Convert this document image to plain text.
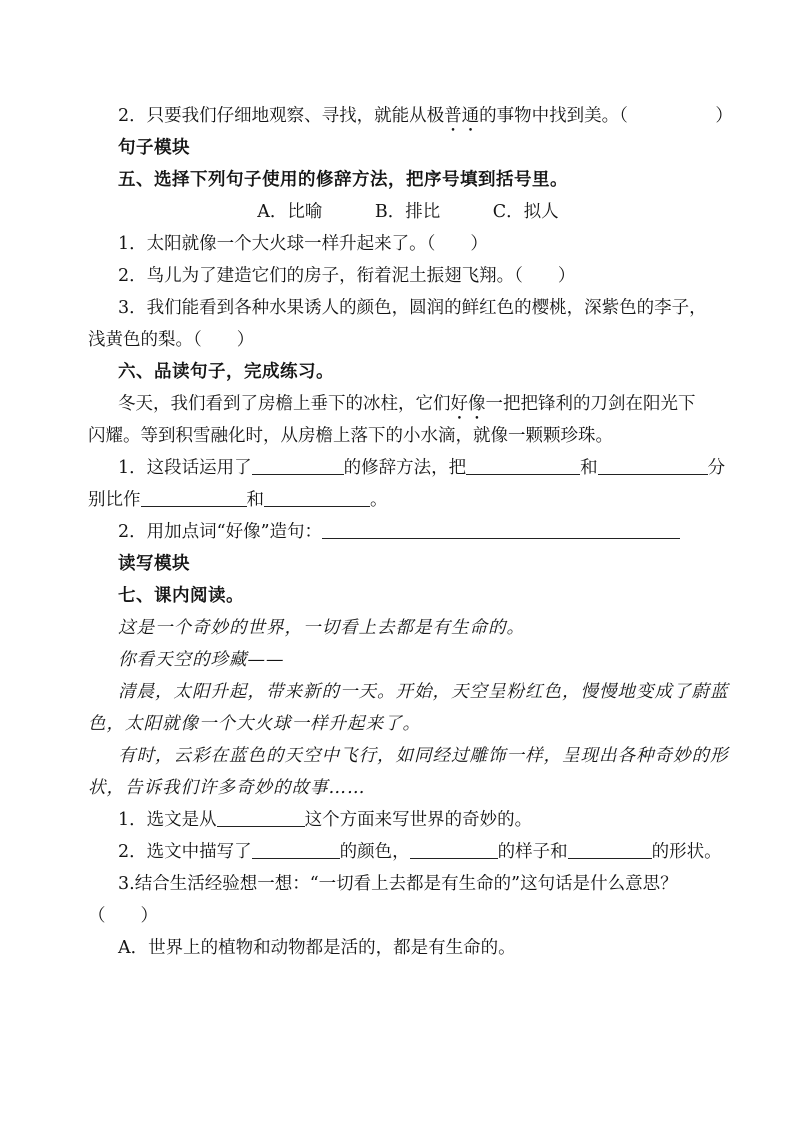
2．只要我们仔细地观察、寻找，就能从极普通的事物中找到美。（　　　　　）
句子模块
五、选择下列句子使用的修辞方法，把序号填到括号里。
A．比喻　　　B．排比　　　C．拟人
1．太阳就像一个大火球一样升起来了。（　　）
2．鸟儿为了建造它们的房子，衔着泥土振翅飞翔。（　　）
3．我们能看到各种水果诱人的颜色，圆润的鲜红色的樱桃，深紫色的李子，
浅黄色的梨。（　　）
六、品读句子，完成练习。
冬天，我们看到了房檐上垂下的冰柱，它们好像一把把锋利的刀剑在阳光下
闪耀。等到积雪融化时，从房檐上落下的小水滴，就像一颗颗珍珠。
1．这段话运用了	的修辞方法，把	和	分
别比作	和	。
2．用加点词“好像”造句：
读写模块
七、课内阅读。
这是一个奇妙的世界，一切看上去都是有生命的。
你看天空的珍藏——
清晨，太阳升起，带来新的一天。开始，天空呈粉红色，慢慢地变成了蔚蓝
色，太阳就像一个大火球一样升起来了。
有时，云彩在蓝色的天空中飞行，如同经过雕饰一样，呈现出各种奇妙的形
状，告诉我们许多奇妙的故事……
1．选文是从	这个方面来写世界的奇妙的。
2．选文中描写了	的颜色，	的样子和	的形状。
3.结合生活经验想一想：“一切看上去都是有生命的”这句话是什么意思？
（　　）
A．世界上的植物和动物都是活的，都是有生命的。
